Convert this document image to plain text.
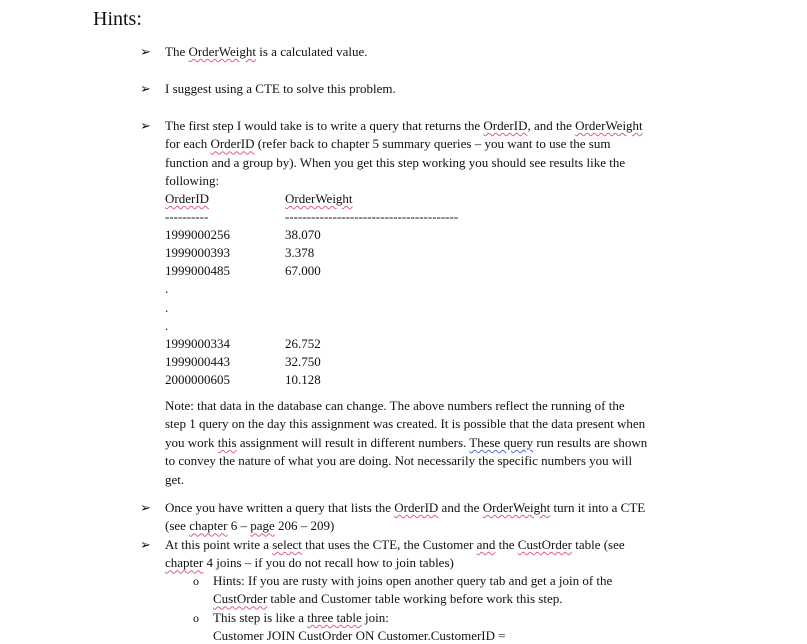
Hints:
➢ The OrderWeight is a calculated value.
➢ I suggest using a CTE to solve this problem.
➢ The first step I would take is to write a query that returns the OrderID, and the OrderWeight
for each OrderID (refer back to chapter 5 summary queries – you want to use the sum
function and a group by). When you get this step working you should see results like the
following:
OrderID	OrderWeight
----------	----------------------------------------
1999000256	38.070
1999000393	3.378
1999000485	67.000
.
.
.
1999000334	26.752
1999000443	32.750
2000000605	10.128
Note: that data in the database can change. The above numbers reflect the running of the
step 1 query on the day this assignment was created. It is possible that the data present when
you work this assignment will result in different numbers. These query run results are shown
to convey the nature of what you are doing. Not necessarily the specific numbers you will
get.
➢ Once you have written a query that lists the OrderID and the OrderWeight turn it into a CTE
(see chapter 6 – page 206 – 209)
➢ At this point write a select that uses the CTE, the Customer and the CustOrder table (see
chapter 4 joins – if you do not recall how to join tables)
o Hints: If you are rusty with joins open another query tab and get a join of the
CustOrder table and Customer table working before work this step.
o This step is like a three table join:
Customer JOIN CustOrder ON Customer.CustomerID =
